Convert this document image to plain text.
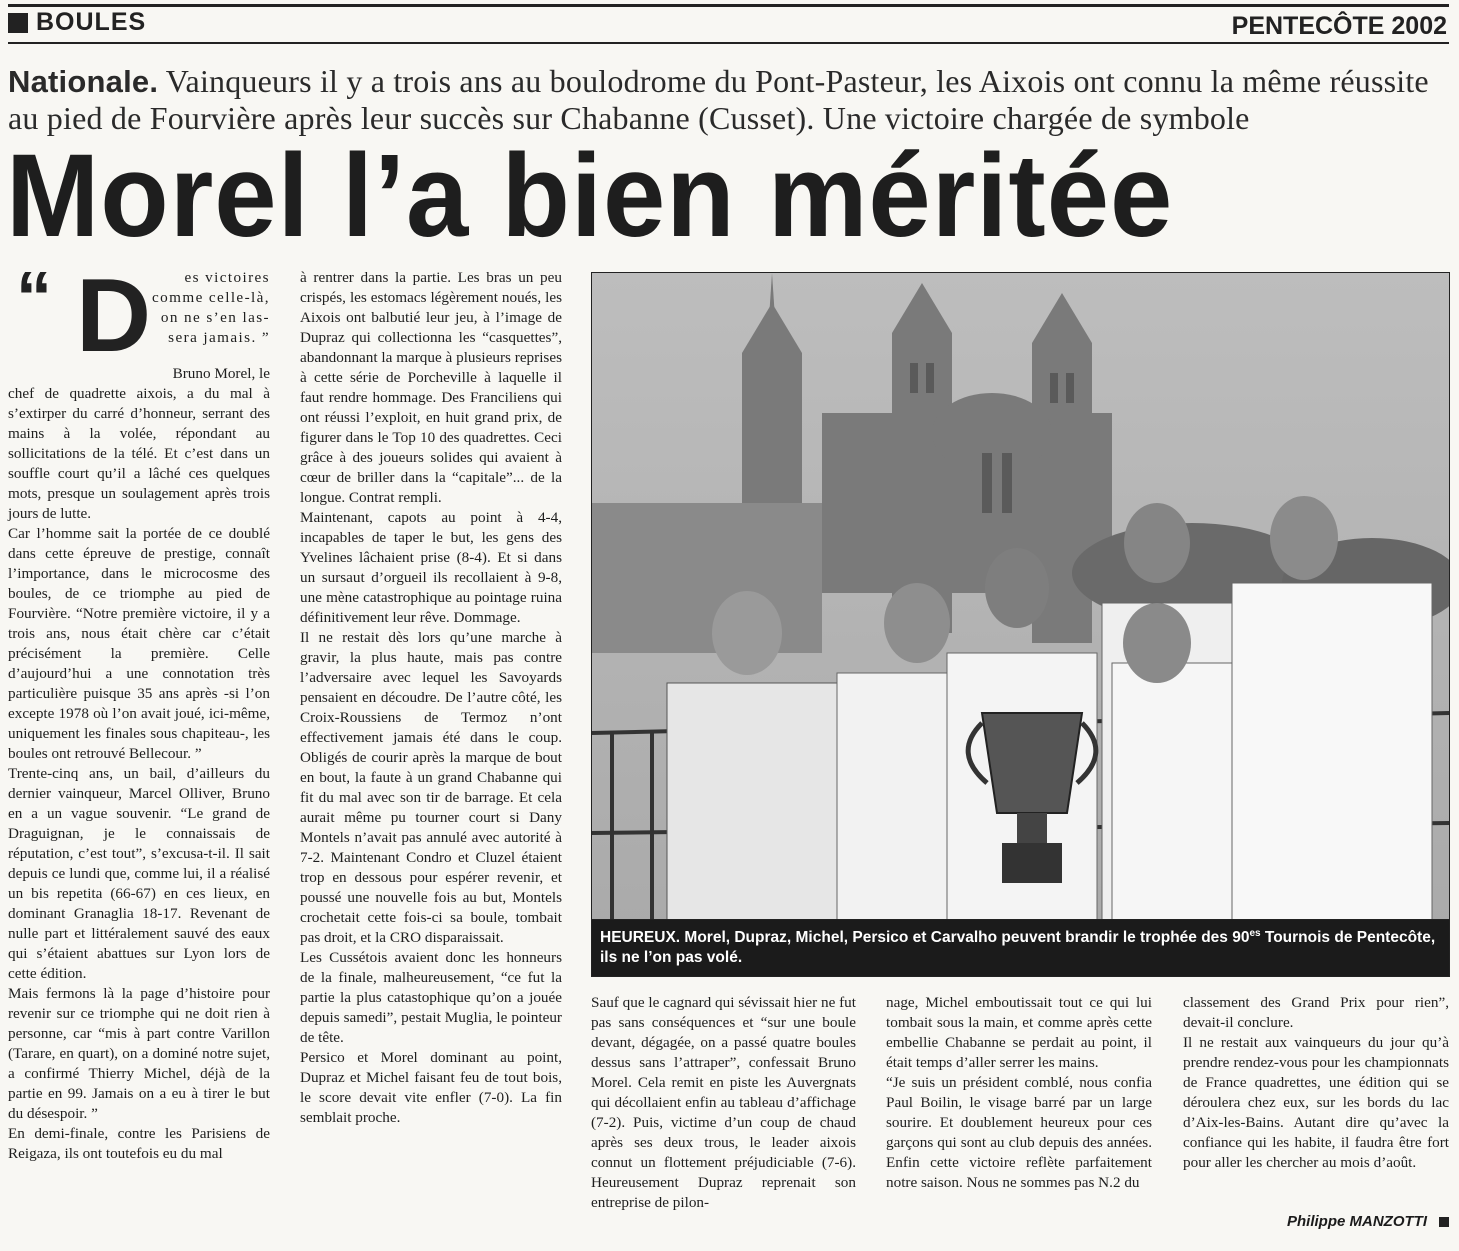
BOULES	PENTECÔTE 2002
Nationale. Vainqueurs il y a trois ans au boulodrome du Pont-Pasteur, les Aixois ont connu la même réussite
au pied de Fourvière après leur succès sur Chabanne (Cusset). Une victoire chargée de symbole
Morel l’a bien méritée
“ D	es victoires
comme celle-là,
on ne s’en las-
sera jamais. ”
Bruno Morel, le

chef de quadrette aixois, a du mal à s’extirper du carré d’honneur, serrant des mains à la volée, répondant au sollicitations de la télé. Et c’est dans un souffle court qu’il a lâché ces quelques mots, presque un soulagement après trois jours de lutte.

Car l’homme sait la portée de ce doublé dans cette épreuve de prestige, connaît l’importance, dans le microcosme des boules, de ce triomphe au pied de Fourvière. “Notre première victoire, il y a trois ans, nous était chère car c’était précisément la première. Celle d’aujourd’hui a une connotation très particulière puisque 35 ans après -si l’on excepte 1978 où l’on avait joué, ici-même, uniquement les finales sous chapiteau-, les boules ont retrouvé Bellecour. ”

Trente-cinq ans, un bail, d’ailleurs du dernier vainqueur, Marcel Olliver, Bruno en a un vague souvenir. “Le grand de Draguignan, je le connaissais de réputation, c’est tout”, s’excusa-t-il. Il sait depuis ce lundi que, comme lui, il a réalisé un bis repetita (66-67) en ces lieux, en dominant Granaglia 18-17. Revenant de nulle part et littéralement sauvé des eaux qui s’étaient abattues sur Lyon lors de cette édition.

Mais fermons là la page d’histoire pour revenir sur ce triomphe qui ne doit rien à personne, car “mis à part contre Varillon (Tarare, en quart), on a dominé notre sujet, a confirmé Thierry Michel, déjà de la partie en 99. Jamais on a eu à tirer le but du désespoir. ”

En demi-finale, contre les Parisiens de Reigaza, ils ont toutefois eu du mal

à rentrer dans la partie. Les bras un peu crispés, les estomacs légèrement noués, les Aixois ont balbutié leur jeu, à l’image de Dupraz qui collectionna les “casquettes”, abandonnant la marque à plusieurs reprises à cette série de Porcheville à laquelle il faut rendre hommage. Des Franciliens qui ont réussi l’exploit, en huit grand prix, de figurer dans le Top 10 des quadrettes. Ceci grâce à des joueurs solides qui avaient à cœur de briller dans la “capitale”... de la longue. Contrat rempli.

Maintenant, capots au point à 4-4, incapables de taper le but, les gens des Yvelines lâchaient prise (8-4). Et si dans un sursaut d’orgueil ils recollaient à 9-8, une mène catastrophique au pointage ruina définitivement leur rêve. Dommage.

Il ne restait dès lors qu’une marche à gravir, la plus haute, mais pas contre l’adversaire avec lequel les Savoyards pensaient en découdre. De l’autre côté, les Croix-Roussiens de Termoz n’ont effectivement jamais été dans le coup. Obligés de courir après la marque de bout en bout, la faute à un grand Chabanne qui fit du mal avec son tir de barrage. Et cela aurait même pu tourner court si Dany Montels n’avait pas annulé avec autorité à 7-2. Maintenant Condro et Cluzel étaient trop en dessous pour espérer revenir, et poussé une nouvelle fois au but, Montels crochetait cette fois-ci sa boule, tombait pas droit, et la CRO disparaissait.

Les Cussétois avaient donc les honneurs de la finale, malheureusement, “ce fut la partie la plus catastophique qu’on a jouée depuis samedi”, pestait Muglia, le pointeur de tête.

Persico et Morel dominant au point, Dupraz et Michel faisant feu de tout bois, le score devait vite enfler (7-0). La fin semblait proche.

HEUREUX. Morel, Dupraz, Michel, Persico et Carvalho peuvent brandir le trophée des $90^{es}$ Tournois de Pentecôte, ils ne l’on pas volé.

Sauf que le cagnard qui sévissait hier ne fut pas sans conséquences et “sur une boule devant, dégagée, on a passé quatre boules dessus sans l’attraper”, confessait Bruno Morel. Cela remit en piste les Auvergnats qui décollaient enfin au tableau d’affichage (7-2). Puis, victime d’un coup de chaud après ses deux trous, le leader aixois connut un flottement préjudiciable (7-6). Heureusement Dupraz reprenait son entreprise de pilon-

nage, Michel emboutissait tout ce qui lui tombait sous la main, et comme après cette embellie Chabanne se perdait au point, il était temps d’aller serrer les mains.

“Je suis un président comblé, nous confia Paul Boilin, le visage barré par un large sourire. Et doublement heureux pour ces garçons qui sont au club depuis des années. Enfin cette victoire reflète parfaitement notre saison. Nous ne sommes pas N.2 du

classement des Grand Prix pour rien”, devait-il conclure.

Il ne restait aux vainqueurs du jour qu’à prendre rendez-vous pour les championnats de France quadrettes, une édition qui se déroulera chez eux, sur les bords du lac d’Aix-les-Bains. Autant dire qu’avec la confiance qui les habite, il faudra être fort pour aller les chercher au mois d’août.

Philippe MANZOTTI
